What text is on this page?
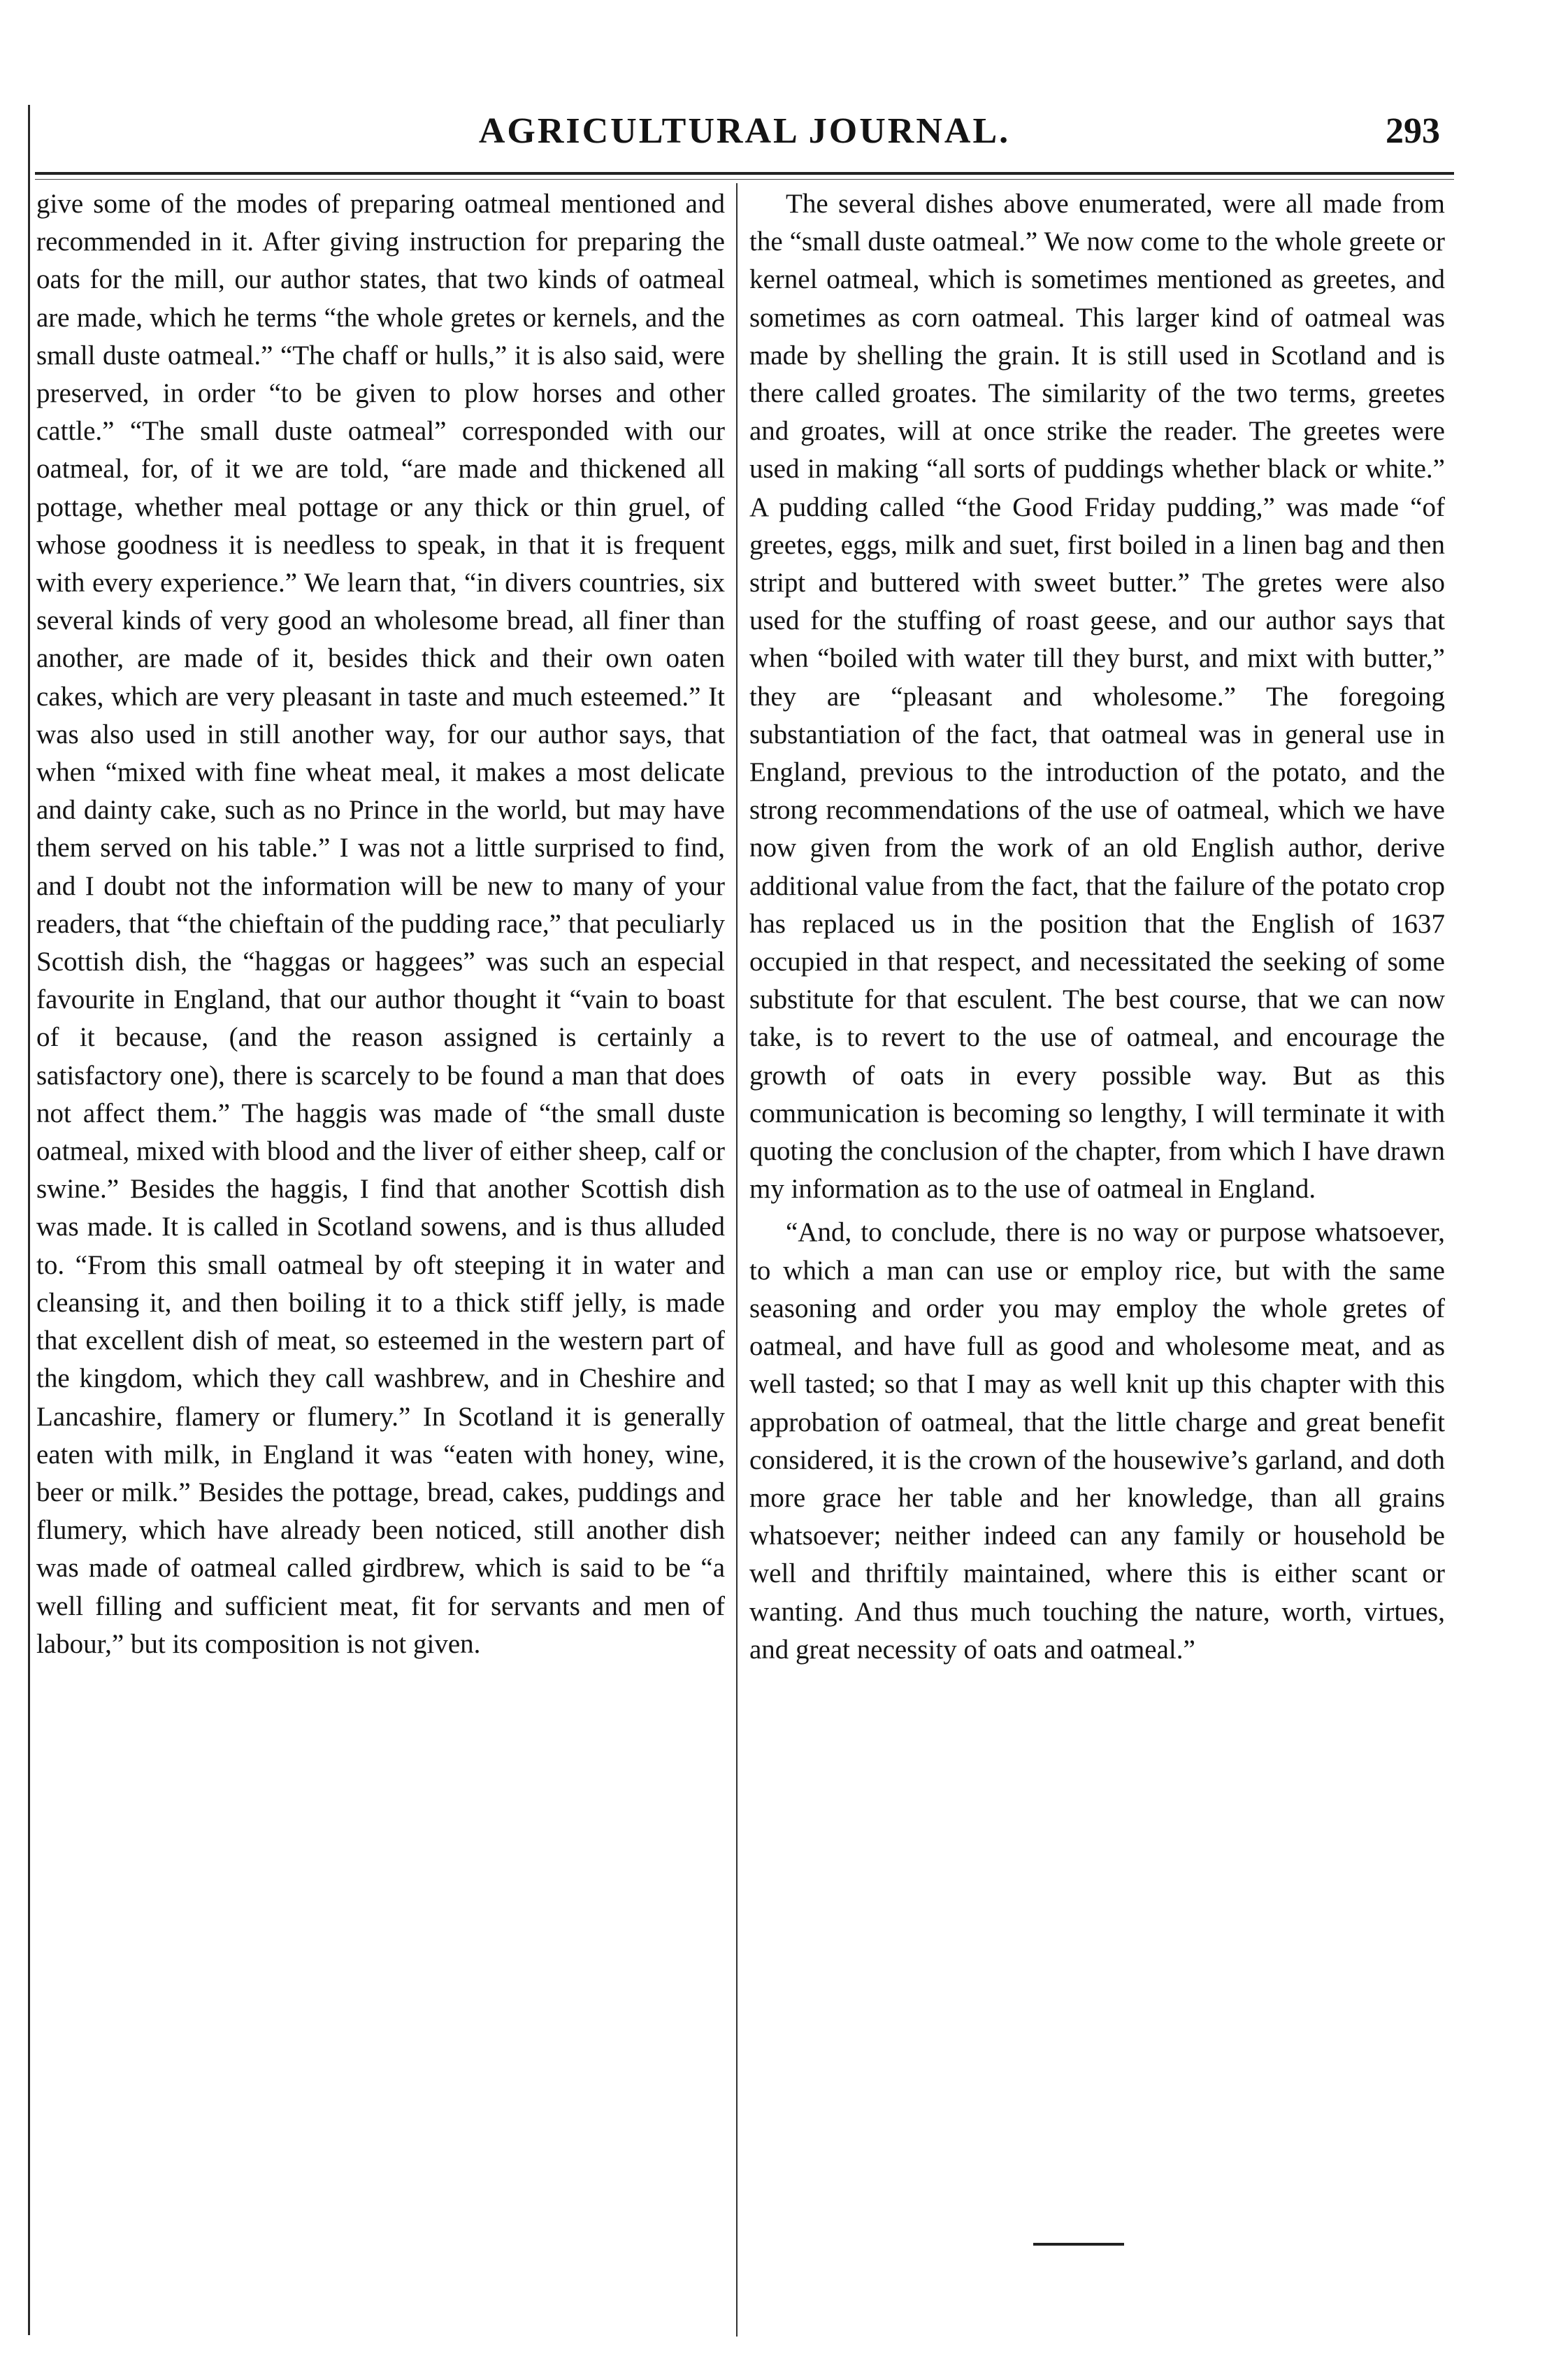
AGRICULTURAL JOURNAL.	293

give some of the modes of preparing oatmeal mentioned and recommended in it. After giving instruction for preparing the oats for the mill, our author states, that two kinds of oatmeal are made, which he terms “the whole gretes or kernels, and the small duste oatmeal.” “The chaff or hulls,” it is also said, were preserved, in order “to be given to plow horses and other cattle.” “The small duste oatmeal” corresponded with our oatmeal, for, of it we are told, “are made and thickened all pottage, whether meal pottage or any thick or thin gruel, of whose goodness it is needless to speak, in that it is frequent with every experience.” We learn that, “in divers countries, six several kinds of very good an wholesome bread, all finer than another, are made of it, besides thick and their own oaten cakes, which are very pleasant in taste and much esteemed.” It was also used in still another way, for our author says, that when “mixed with fine wheat meal, it makes a most delicate and dainty cake, such as no Prince in the world, but may have them served on his table.” I was not a little surprised to find, and I doubt not the information will be new to many of your readers, that “the chieftain of the pudding race,” that peculiarly Scottish dish, the “haggas or haggees” was such an especial favourite in England, that our author thought it “vain to boast of it because, (and the reason assigned is certainly a satisfactory one), there is scarcely to be found a man that does not affect them.” The haggis was made of “the small duste oatmeal, mixed with blood and the liver of either sheep, calf or swine.” Besides the haggis, I find that another Scottish dish was made. It is called in Scotland sowens, and is thus alluded to. “From this small oatmeal by oft steeping it in water and cleansing it, and then boiling it to a thick stiff jelly, is made that excellent dish of meat, so esteemed in the western part of the kingdom, which they call washbrew, and in Cheshire and Lancashire, flamery or flumery.” In Scotland it is generally eaten with milk, in England it was “eaten with honey, wine, beer or milk.” Besides the pottage, bread, cakes, puddings and flumery, which have already been noticed, still another dish was made of oatmeal called girdbrew, which is said to be “a well filling and sufficient meat, fit for servants and men of labour,” but its composition is not given.

The several dishes above enumerated, were all made from the “small duste oatmeal.” We now come to the whole greete or kernel oatmeal, which is sometimes mentioned as greetes, and sometimes as corn oatmeal. This larger kind of oatmeal was made by shelling the grain. It is still used in Scotland and is there called groates. The similarity of the two terms, greetes and groates, will at once strike the reader. The greetes were used in making “all sorts of puddings whether black or white.” A pudding called “the Good Friday pudding,” was made “of greetes, eggs, milk and suet, first boiled in a linen bag and then stript and buttered with sweet butter.” The gretes were also used for the stuffing of roast geese, and our author says that when “boiled with water till they burst, and mixt with butter,” they are “pleasant and wholesome.” The foregoing substantiation of the fact, that oatmeal was in general use in England, previous to the introduction of the potato, and the strong recommendations of the use of oatmeal, which we have now given from the work of an old English author, derive additional value from the fact, that the failure of the potato crop has replaced us in the position that the English of 1637 occupied in that respect, and necessitated the seeking of some substitute for that esculent. The best course, that we can now take, is to revert to the use of oatmeal, and encourage the growth of oats in every possible way. But as this communication is becoming so lengthy, I will terminate it with quoting the conclusion of the chapter, from which I have drawn my information as to the use of oatmeal in England.

“And, to conclude, there is no way or purpose whatsoever, to which a man can use or employ rice, but with the same seasoning and order you may employ the whole gretes of oatmeal, and have full as good and wholesome meat, and as well tasted; so that I may as well knit up this chapter with this approbation of oatmeal, that the little charge and great benefit considered, it is the crown of the housewive’s garland, and doth more grace her table and her knowledge, than all grains whatsoever; neither indeed can any family or household be well and thriftily maintained, where this is either scant or wanting. And thus much touching the nature, worth, virtues, and great necessity of oats and oatmeal.”
